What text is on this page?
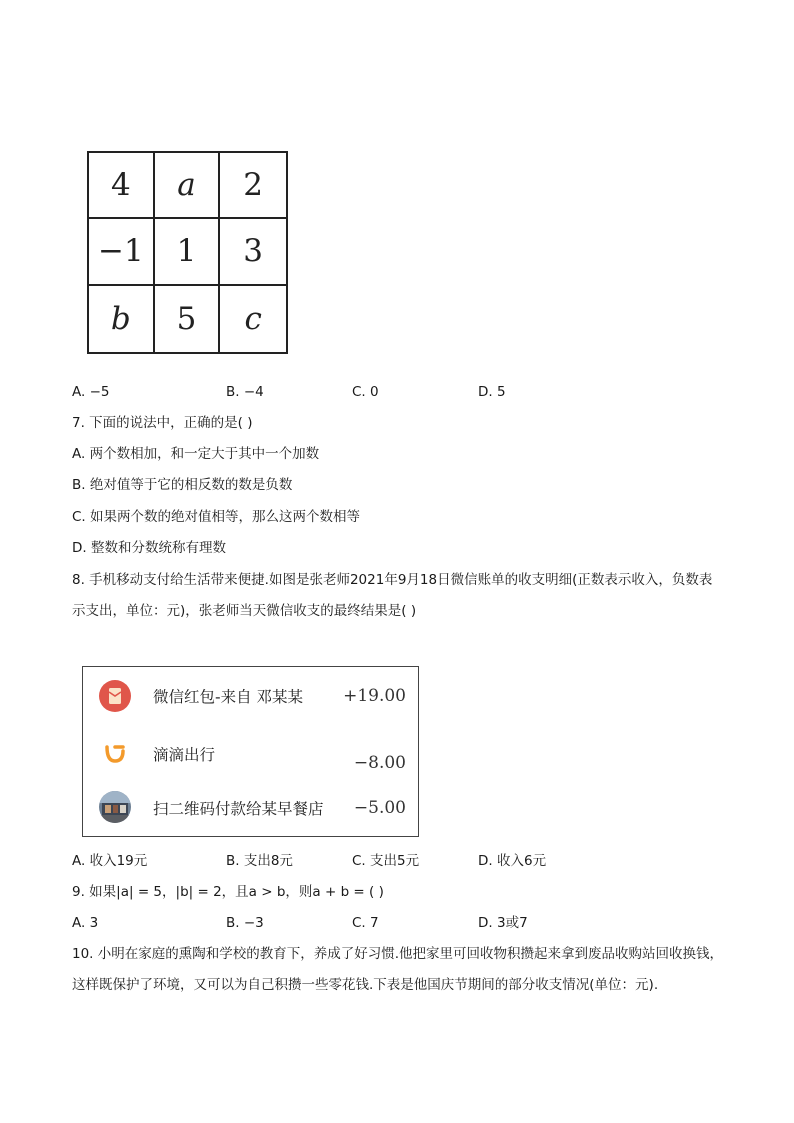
4	a	2
−1	1	3
b	5	c
A. −5	B. −4	C. 0	D. 5
7. 下面的说法中，正确的是( )
A. 两个数相加，和一定大于其中一个加数
B. 绝对值等于它的相反数的数是负数
C. 如果两个数的绝对值相等，那么这两个数相等
D. 整数和分数统称有理数
8. 手机移动支付给生活带来便捷.如图是张老师2021年9月18日微信账单的收支明细(正数表示收入，负数表
示支出，单位：元)，张老师当天微信收支的最终结果是( )
微信红包-来自 邓某某 +19.00
滴滴出行	−8.00
扫二维码付款给某早餐店 −5.00
A. 收入19元	B. 支出8元	C. 支出5元	D. 收入6元
9. 如果|a| = 5，|b| = 2，且a > b，则a + b = ( )
A. 3	B. −3	C. 7	D. 3或7
10. 小明在家庭的熏陶和学校的教育下，养成了好习惯.他把家里可回收物积攒起来拿到废品收购站回收换钱，
这样既保护了环境，又可以为自己积攒一些零花钱.下表是他国庆节期间的部分收支情况(单位：元).
